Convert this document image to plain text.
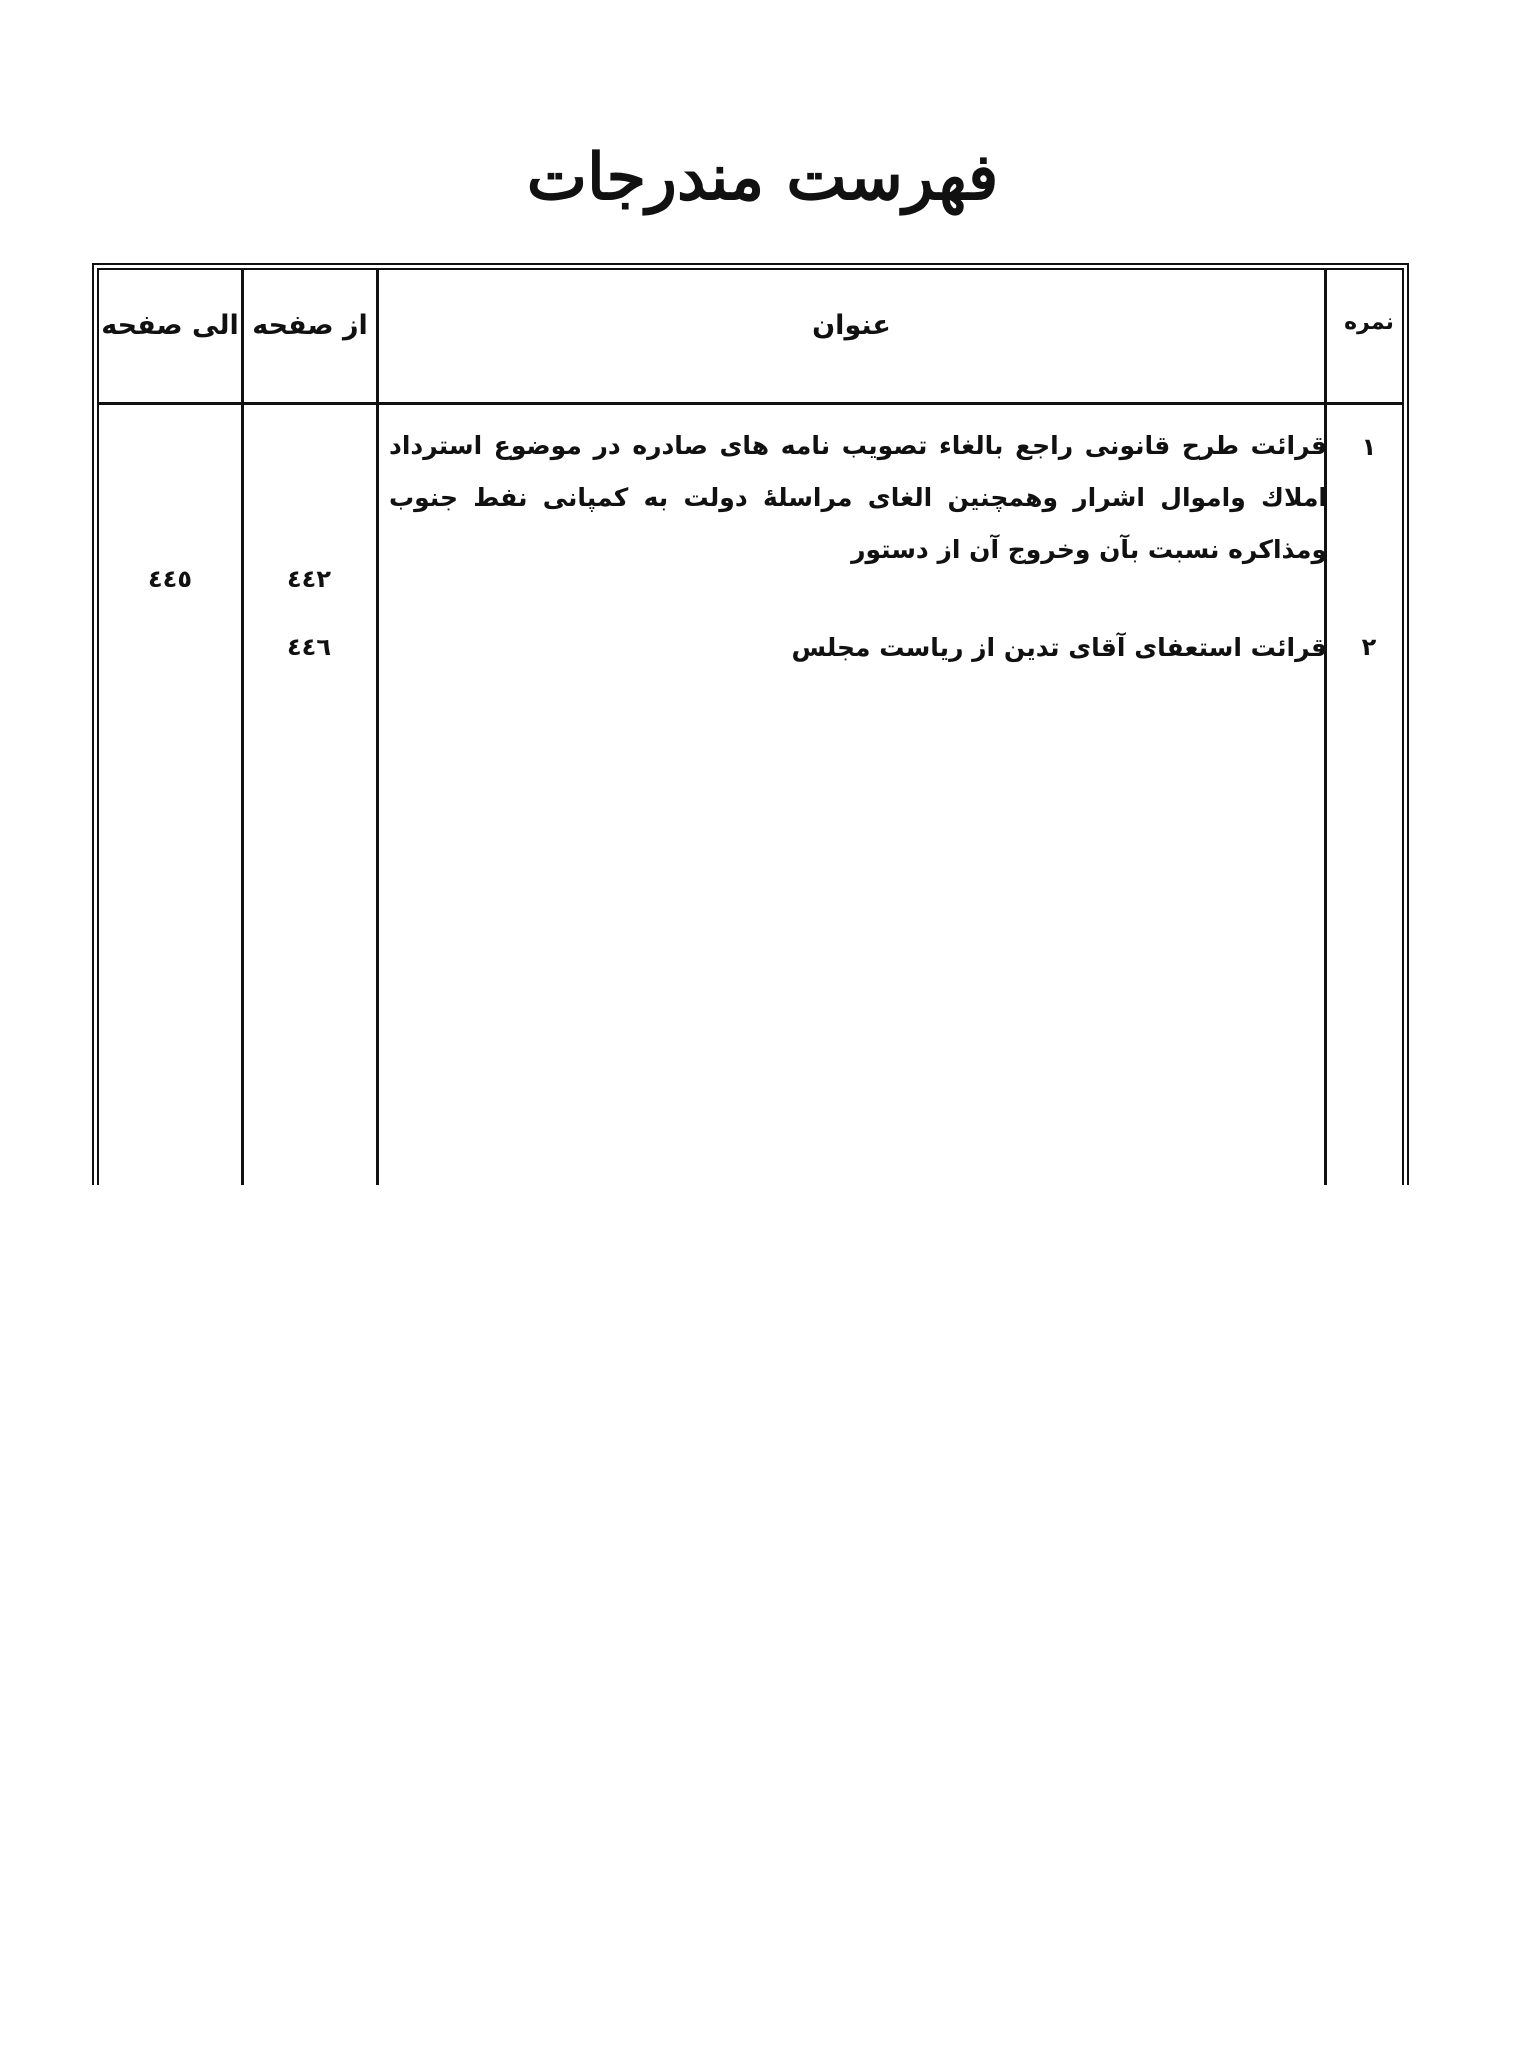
فهرست مندرجات
نمره
عنوان
از صفحه
الی صفحه
١
قرائت طرح قانونی راجع بالغاء تصویب نامه های صادره در موضوع استرداد املاك واموال اشرار وهمچنین الغای مراسلهٔ دولت به کمپانی نفط جنوب ومذاکره نسبت بآن وخروج آن از دستور
٤٤٢
٤٤٥
٢
قرائت استعفای آقای تدین از ریاست مجلس
٤٤٦
